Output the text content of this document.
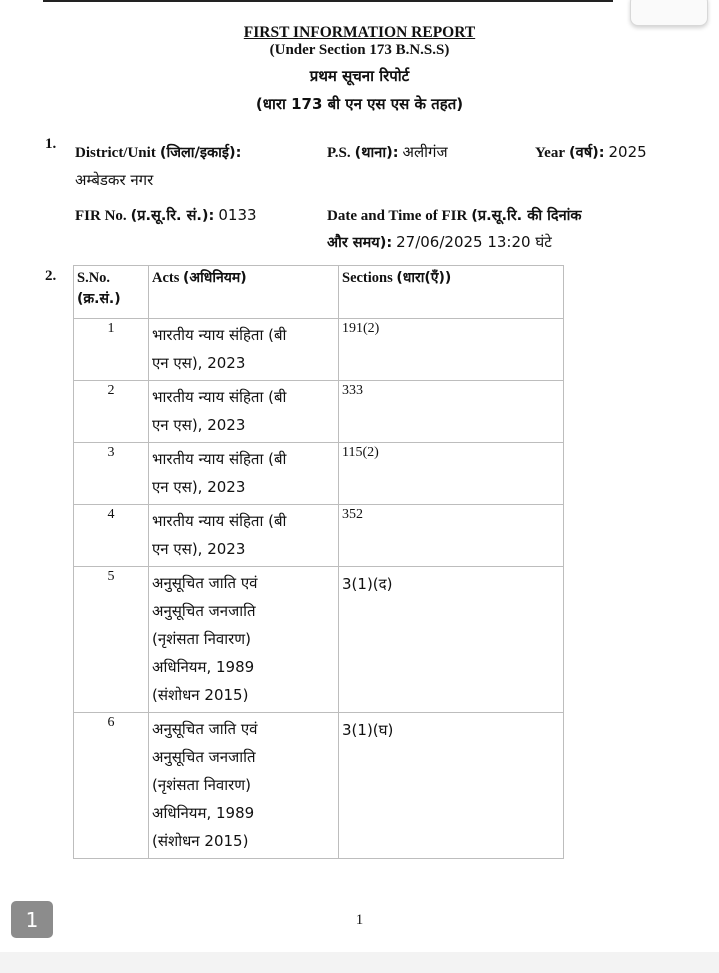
FIRST INFORMATION REPORT
(Under Section 173 B.N.S.S)
प्रथम सूचना रिपोर्ट
(धारा 173 बी एन एस एस के तहत)
1.
District/Unit (जिला/इकाई):
अम्बेडकर नगर
P.S. (थाना): अलीगंज	Year (वर्ष): 2025
FIR No. (प्र.सू.रि. सं.): 0133	Date and Time of FIR (प्र.सू.रि. की दिनांक
और समय): 27/06/2025 13:20 घंटे
2. S.No.
(क्र.सं.)	Acts (अधिनियम)	Sections (धारा(एँ))
1	भारतीय न्याय संहिता (बी
एन एस), 2023	191(2)
2	भारतीय न्याय संहिता (बी
एन एस), 2023	333
3	भारतीय न्याय संहिता (बी
एन एस), 2023	115(2)
4	भारतीय न्याय संहिता (बी
एन एस), 2023	352
5	अनुसूचित जाति एवं
अनुसूचित जनजाति
(नृशंसता निवारण)
अधिनियम, 1989
(संशोधन 2015)	3(1)(द)
6	अनुसूचित जाति एवं
अनुसूचित जनजाति
(नृशंसता निवारण)
अधिनियम, 1989
(संशोधन 2015)	3(1)(घ)
1
1
